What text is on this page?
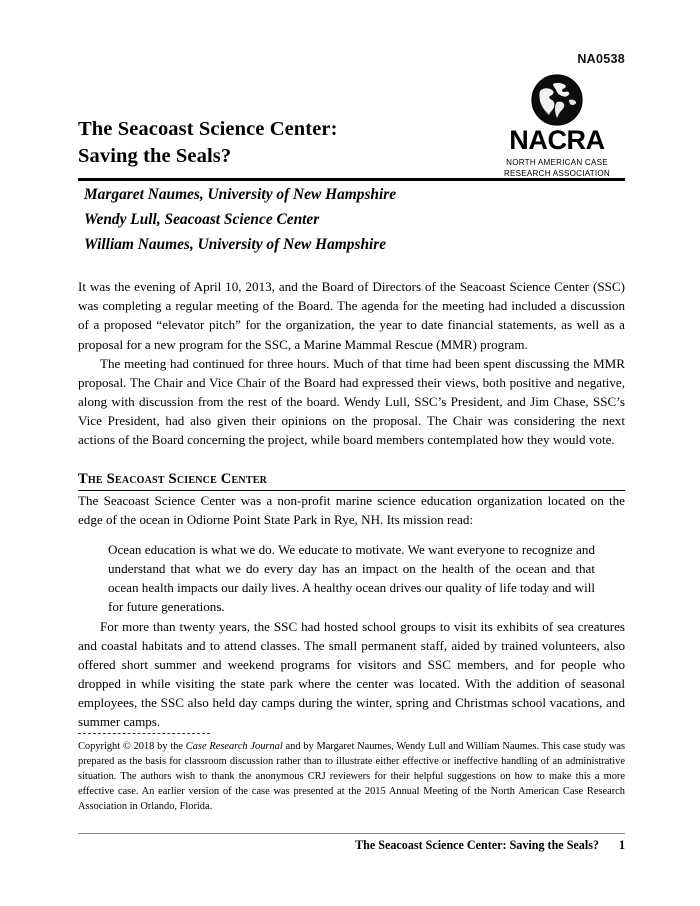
NA0538
NACRA
NORTH AMERICAN CASE
RESEARCH ASSOCIATION
The Seacoast Science Center:
Saving the Seals?
Margaret Naumes, University of New Hampshire
Wendy Lull, Seacoast Science Center
William Naumes, University of New Hampshire

It was the evening of April 10, 2013, and the Board of Directors of the Seacoast Science Center (SSC) was completing a regular meeting of the Board. The agenda for the meeting had included a discussion of a proposed “elevator pitch” for the organization, the year to date financial statements, as well as a proposal for a new program for the SSC, a Marine Mammal Rescue (MMR) program.

The meeting had continued for three hours. Much of that time had been spent discussing the MMR proposal. The Chair and Vice Chair of the Board had expressed their views, both positive and negative, along with discussion from the rest of the board. Wendy Lull, SSC’s President, and Jim Chase, SSC’s Vice President, had also given their opinions on the proposal. The Chair was considering the next actions of the Board concerning the project, while board members contemplated how they would vote.

The Seacoast Science Center

The Seacoast Science Center was a non-profit marine science education organization located on the edge of the ocean in Odiorne Point State Park in Rye, NH. Its mission read:

Ocean education is what we do. We educate to motivate. We want everyone to recognize and understand that what we do every day has an impact on the health of the ocean and that ocean health impacts our daily lives. A healthy ocean drives our quality of life today and will for future generations.

For more than twenty years, the SSC had hosted school groups to visit its exhibits of sea creatures and coastal habitats and to attend classes. The small permanent staff, aided by trained volunteers, also offered short summer and weekend programs for visitors and SSC members, and for people who dropped in while visiting the state park where the center was located. With the addition of seasonal employees, the SSC also held day camps during the winter, spring and Christmas school vacations, and summer camps.

Copyright © 2018 by the Case Research Journal and by Margaret Naumes, Wendy Lull and William Naumes. This case study was prepared as the basis for classroom discussion rather than to illustrate either effective or ineffective handling of an administrative situation. The authors wish to thank the anonymous CRJ reviewers for their helpful suggestions on how to make this a more effective case. An earlier version of the case was presented at the 2015 Annual Meeting of the North American Case Research Association in Orlando, Florida.

The Seacoast Science Center: Saving the Seals? 1
